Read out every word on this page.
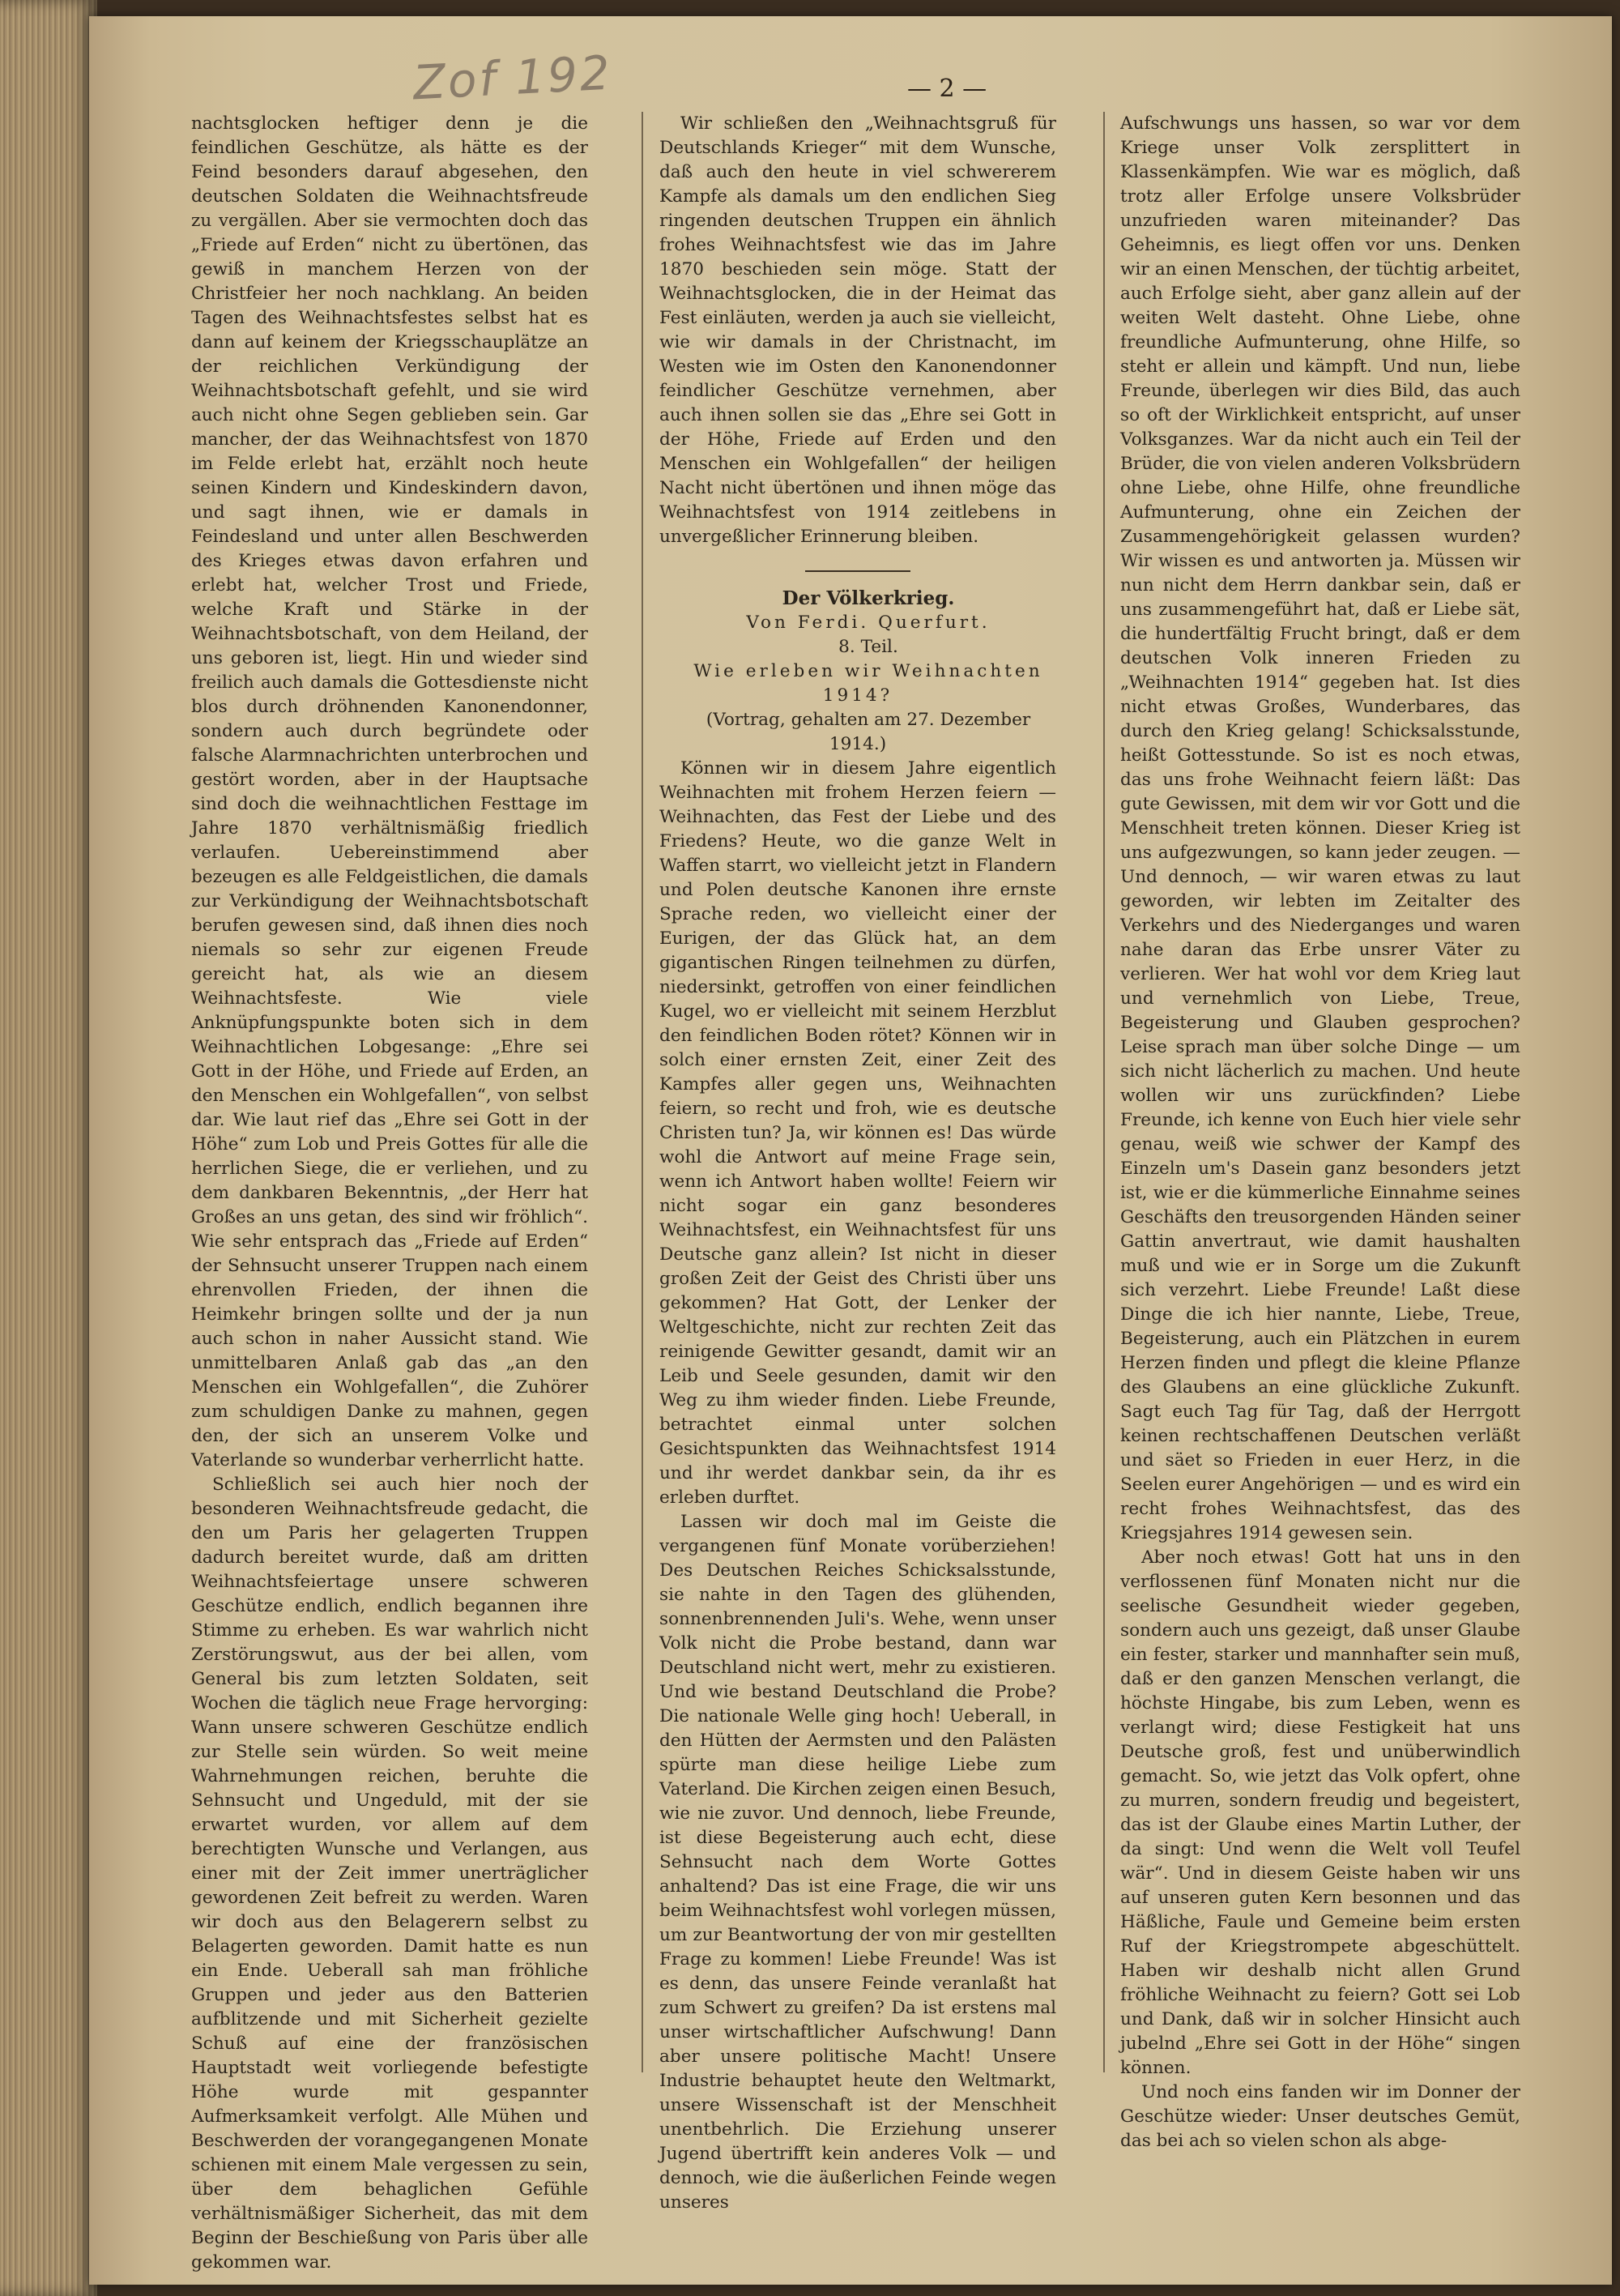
Zof 192	— 2 —

nachtsglocken heftiger denn je die feindlichen Geschütze, als hätte es der Feind besonders darauf abgesehen, den deutschen Soldaten die Weihnachtsfreude zu vergällen. Aber sie vermochten doch das „Friede auf Erden“ nicht zu übertönen, das gewiß in manchem Herzen von der Christfeier her noch nachklang. An beiden Tagen des Weihnachtsfestes selbst hat es dann auf keinem der Kriegsschauplätze an der reichlichen Verkündigung der Weihnachtsbotschaft gefehlt, und sie wird auch nicht ohne Segen geblieben sein. Gar mancher, der das Weihnachtsfest von 1870 im Felde erlebt hat, erzählt noch heute seinen Kindern und Kindeskindern davon, und sagt ihnen, wie er damals in Feindesland und unter allen Beschwerden des Krieges etwas davon erfahren und erlebt hat, welcher Trost und Friede, welche Kraft und Stärke in der Weihnachtsbotschaft, von dem Heiland, der uns geboren ist, liegt. Hin und wieder sind freilich auch damals die Gottesdienste nicht blos durch dröhnenden Kanonendonner, sondern auch durch begründete oder falsche Alarmnachrichten unterbrochen und gestört worden, aber in der Hauptsache sind doch die weihnachtlichen Festtage im Jahre 1870 verhältnismäßig friedlich verlaufen. Uebereinstimmend aber bezeugen es alle Feldgeistlichen, die damals zur Verkündigung der Weihnachtsbotschaft berufen gewesen sind, daß ihnen dies noch niemals so sehr zur eigenen Freude gereicht hat, als wie an diesem Weihnachtsfeste. Wie viele Anknüpfungspunkte boten sich in dem Weihnachtlichen Lobgesange: „Ehre sei Gott in der Höhe, und Friede auf Erden, an den Menschen ein Wohlgefallen“, von selbst dar. Wie laut rief das „Ehre sei Gott in der Höhe“ zum Lob und Preis Gottes für alle die herrlichen Siege, die er verliehen, und zu dem dankbaren Bekenntnis, „der Herr hat Großes an uns getan, des sind wir fröhlich“. Wie sehr entsprach das „Friede auf Erden“ der Sehnsucht unserer Truppen nach einem ehrenvollen Frieden, der ihnen die Heimkehr bringen sollte und der ja nun auch schon in naher Aussicht stand. Wie unmittelbaren Anlaß gab das „an den Menschen ein Wohlgefallen“, die Zuhörer zum schuldigen Danke zu mahnen, gegen den, der sich an unserem Volke und Vaterlande so wunderbar verherrlicht hatte.

Schließlich sei auch hier noch der besonderen Weihnachtsfreude gedacht, die den um Paris her gelagerten Truppen dadurch bereitet wurde, daß am dritten Weihnachtsfeiertage unsere schweren Geschütze endlich, endlich begannen ihre Stimme zu erheben. Es war wahrlich nicht Zerstörungswut, aus der bei allen, vom General bis zum letzten Soldaten, seit Wochen die täglich neue Frage hervorging: Wann unsere schweren Geschütze endlich zur Stelle sein würden. So weit meine Wahrnehmungen reichen, beruhte die Sehnsucht und Ungeduld, mit der sie erwartet wurden, vor allem auf dem berechtigten Wunsche und Verlangen, aus einer mit der Zeit immer unerträglicher gewordenen Zeit befreit zu werden. Waren wir doch aus den Belagerern selbst zu Belagerten geworden. Damit hatte es nun ein Ende. Ueberall sah man fröhliche Gruppen und jeder aus den Batterien aufblitzende und mit Sicherheit gezielte Schuß auf eine der französischen Hauptstadt weit vorliegende befestigte Höhe wurde mit gespannter Aufmerksamkeit verfolgt. Alle Mühen und Beschwerden der vorangegangenen Monate schienen mit einem Male vergessen zu sein, über dem behaglichen Gefühle verhältnismäßiger Sicherheit, das mit dem Beginn der Beschießung von Paris über alle gekommen war.

Wir schließen den „Weihnachtsgruß für Deutschlands Krieger“ mit dem Wunsche, daß auch den heute in viel schwererem Kampfe als damals um den endlichen Sieg ringenden deutschen Truppen ein ähnlich frohes Weihnachtsfest wie das im Jahre 1870 beschieden sein möge. Statt der Weihnachtsglocken, die in der Heimat das Fest einläuten, werden ja auch sie vielleicht, wie wir damals in der Christnacht, im Westen wie im Osten den Kanonendonner feindlicher Geschütze vernehmen, aber auch ihnen sollen sie das „Ehre sei Gott in der Höhe, Friede auf Erden und den Menschen ein Wohlgefallen“ der heiligen Nacht nicht übertönen und ihnen möge das Weihnachtsfest von 1914 zeitlebens in unvergeßlicher Erinnerung bleiben.

Der Völkerkrieg.

Von Ferdi. Querfurt.

8. Teil.

Wie erleben wir Weihnachten 1914?

(Vortrag, gehalten am 27. Dezember 1914.)

Können wir in diesem Jahre eigentlich Weihnachten mit frohem Herzen feiern — Weihnachten, das Fest der Liebe und des Friedens? Heute, wo die ganze Welt in Waffen starrt, wo vielleicht jetzt in Flandern und Polen deutsche Kanonen ihre ernste Sprache reden, wo vielleicht einer der Eurigen, der das Glück hat, an dem gigantischen Ringen teilnehmen zu dürfen, niedersinkt, getroffen von einer feindlichen Kugel, wo er vielleicht mit seinem Herzblut den feindlichen Boden rötet? Können wir in solch einer ernsten Zeit, einer Zeit des Kampfes aller gegen uns, Weihnachten feiern, so recht und froh, wie es deutsche Christen tun? Ja, wir können es! Das würde wohl die Antwort auf meine Frage sein, wenn ich Antwort haben wollte! Feiern wir nicht sogar ein ganz besonderes Weihnachtsfest, ein Weihnachtsfest für uns Deutsche ganz allein? Ist nicht in dieser großen Zeit der Geist des Christi über uns gekommen? Hat Gott, der Lenker der Weltgeschichte, nicht zur rechten Zeit das reinigende Gewitter gesandt, damit wir an Leib und Seele gesunden, damit wir den Weg zu ihm wieder finden. Liebe Freunde, betrachtet einmal unter solchen Gesichtspunkten das Weihnachtsfest 1914 und ihr werdet dankbar sein, da ihr es erleben durftet.

Lassen wir doch mal im Geiste die vergangenen fünf Monate vorüberziehen! Des Deutschen Reiches Schicksalsstunde, sie nahte in den Tagen des glühenden, sonnenbrennenden Juli's. Wehe, wenn unser Volk nicht die Probe bestand, dann war Deutschland nicht wert, mehr zu existieren. Und wie bestand Deutschland die Probe? Die nationale Welle ging hoch! Ueberall, in den Hütten der Aermsten und den Palästen spürte man diese heilige Liebe zum Vaterland. Die Kirchen zeigen einen Besuch, wie nie zuvor. Und dennoch, liebe Freunde, ist diese Begeisterung auch echt, diese Sehnsucht nach dem Worte Gottes anhaltend? Das ist eine Frage, die wir uns beim Weihnachtsfest wohl vorlegen müssen, um zur Beantwortung der von mir gestellten Frage zu kommen! Liebe Freunde! Was ist es denn, das unsere Feinde veranlaßt hat zum Schwert zu greifen? Da ist erstens mal unser wirtschaftlicher Aufschwung! Dann aber unsere politische Macht! Unsere Industrie behauptet heute den Weltmarkt, unsere Wissenschaft ist der Menschheit unentbehrlich. Die Erziehung unserer Jugend übertrifft kein anderes Volk — und dennoch, wie die äußerlichen Feinde wegen unseres

Aufschwungs uns hassen, so war vor dem Kriege unser Volk zersplittert in Klassenkämpfen. Wie war es möglich, daß trotz aller Erfolge unsere Volksbrüder unzufrieden waren miteinander? Das Geheimnis, es liegt offen vor uns. Denken wir an einen Menschen, der tüchtig arbeitet, auch Erfolge sieht, aber ganz allein auf der weiten Welt dasteht. Ohne Liebe, ohne freundliche Aufmunterung, ohne Hilfe, so steht er allein und kämpft. Und nun, liebe Freunde, überlegen wir dies Bild, das auch so oft der Wirklichkeit entspricht, auf unser Volksganzes. War da nicht auch ein Teil der Brüder, die von vielen anderen Volksbrüdern ohne Liebe, ohne Hilfe, ohne freundliche Aufmunterung, ohne ein Zeichen der Zusammengehörigkeit gelassen wurden? Wir wissen es und antworten ja. Müssen wir nun nicht dem Herrn dankbar sein, daß er uns zusammengeführt hat, daß er Liebe sät, die hundertfältig Frucht bringt, daß er dem deutschen Volk inneren Frieden zu „Weihnachten 1914“ gegeben hat. Ist dies nicht etwas Großes, Wunderbares, das durch den Krieg gelang! Schicksalsstunde, heißt Gottesstunde. So ist es noch etwas, das uns frohe Weihnacht feiern läßt: Das gute Gewissen, mit dem wir vor Gott und die Menschheit treten können. Dieser Krieg ist uns aufgezwungen, so kann jeder zeugen. — Und dennoch, — wir waren etwas zu laut geworden, wir lebten im Zeitalter des Verkehrs und des Niederganges und waren nahe daran das Erbe unsrer Väter zu verlieren. Wer hat wohl vor dem Krieg laut und vernehmlich von Liebe, Treue, Begeisterung und Glauben gesprochen? Leise sprach man über solche Dinge — um sich nicht lächerlich zu machen. Und heute wollen wir uns zurückfinden? Liebe Freunde, ich kenne von Euch hier viele sehr genau, weiß wie schwer der Kampf des Einzeln um's Dasein ganz besonders jetzt ist, wie er die kümmerliche Einnahme seines Geschäfts den treusorgenden Händen seiner Gattin anvertraut, wie damit haushalten muß und wie er in Sorge um die Zukunft sich verzehrt. Liebe Freunde! Laßt diese Dinge die ich hier nannte, Liebe, Treue, Begeisterung, auch ein Plätzchen in eurem Herzen finden und pflegt die kleine Pflanze des Glaubens an eine glückliche Zukunft. Sagt euch Tag für Tag, daß der Herrgott keinen rechtschaffenen Deutschen verläßt und säet so Frieden in euer Herz, in die Seelen eurer Angehörigen — und es wird ein recht frohes Weihnachtsfest, das des Kriegsjahres 1914 gewesen sein.

Aber noch etwas! Gott hat uns in den verflossenen fünf Monaten nicht nur die seelische Gesundheit wieder gegeben, sondern auch uns gezeigt, daß unser Glaube ein fester, starker und mannhafter sein muß, daß er den ganzen Menschen verlangt, die höchste Hingabe, bis zum Leben, wenn es verlangt wird; diese Festigkeit hat uns Deutsche groß, fest und unüberwindlich gemacht. So, wie jetzt das Volk opfert, ohne zu murren, sondern freudig und begeistert, das ist der Glaube eines Martin Luther, der da singt: Und wenn die Welt voll Teufel wär“. Und in diesem Geiste haben wir uns auf unseren guten Kern besonnen und das Häßliche, Faule und Gemeine beim ersten Ruf der Kriegstrompete abgeschüttelt. Haben wir deshalb nicht allen Grund fröhliche Weihnacht zu feiern? Gott sei Lob und Dank, daß wir in solcher Hinsicht auch jubelnd „Ehre sei Gott in der Höhe“ singen können.

Und noch eins fanden wir im Donner der Geschütze wieder: Unser deutsches Gemüt, das bei ach so vielen schon als abge-
